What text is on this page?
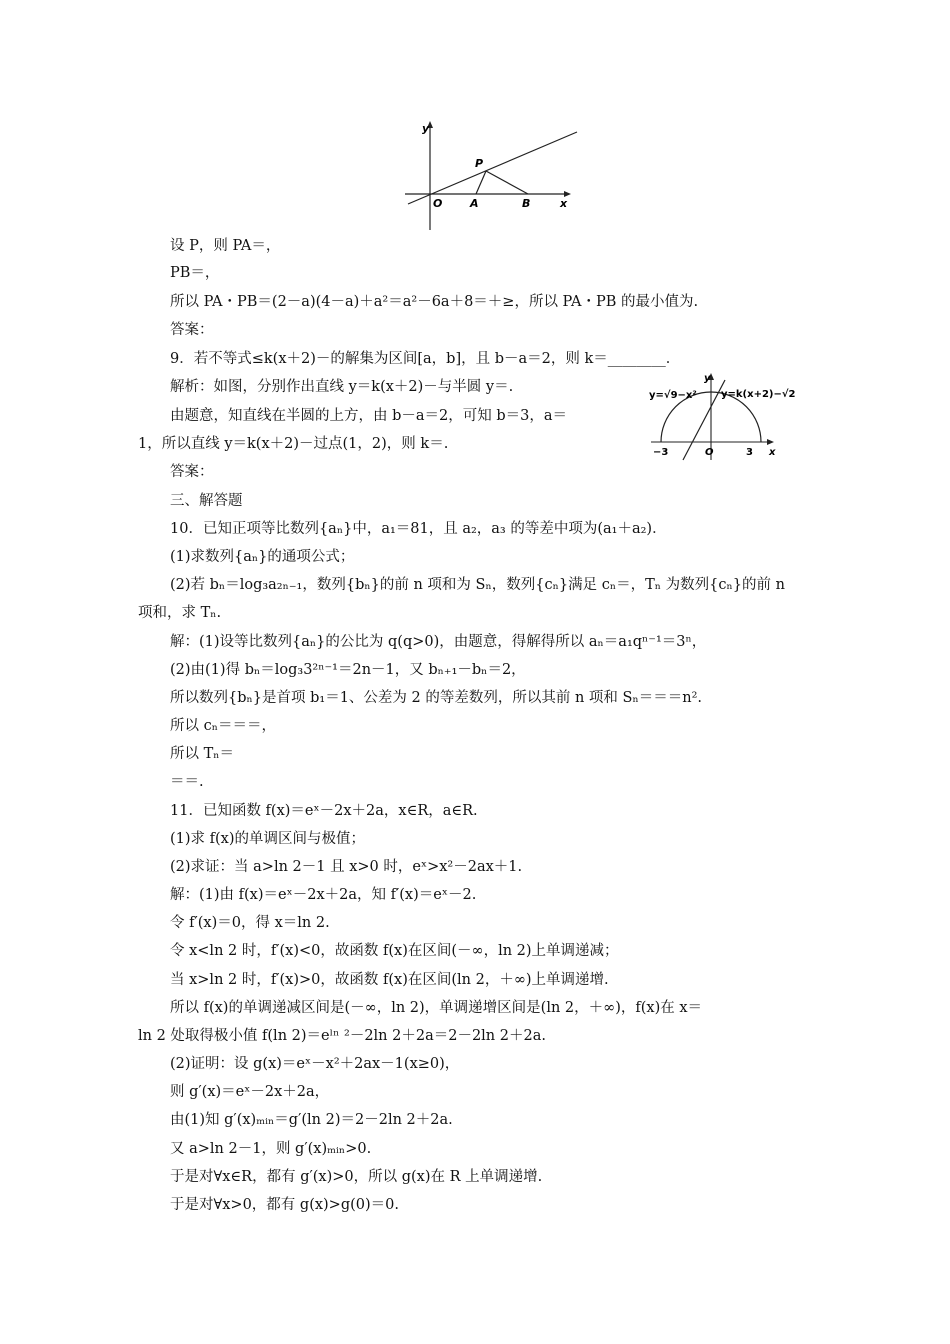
y
x
O	A	B
P
y
x
O
−3	3
y=√9−x² y=k(x+2)−√2
设 P，则 PA＝，
PB＝，
所以 PA・PB＝(2－a)(4－a)＋a²＝a²－6a＋8＝＋≥，所以 PA・PB 的最小值为.
答案：
9．若不等式≤k(x＋2)－的解集为区间[a，b]，且 b－a＝2，则 k＝________．
解析：如图，分别作出直线 y＝k(x＋2)－与半圆 y＝.
由题意，知直线在半圆的上方，由 b－a＝2，可知 b＝3，a＝
1，所以直线 y＝k(x＋2)－过点(1，2)，则 k＝.
答案：
三、解答题
10．已知正项等比数列{aₙ}中，a₁＝81，且 a₂，a₃ 的等差中项为(a₁＋a₂)．
(1)求数列{aₙ}的通项公式；
(2)若 bₙ＝log₃a₂ₙ₋₁，数列{bₙ}的前 n 项和为 Sₙ，数列{cₙ}满足 cₙ＝，Tₙ 为数列{cₙ}的前 n
项和，求 Tₙ.
解：(1)设等比数列{aₙ}的公比为 q(q>0)，由题意，得解得所以 aₙ＝a₁qⁿ⁻¹＝3ⁿ，
(2)由(1)得 bₙ＝log₃3²ⁿ⁻¹＝2n－1，又 bₙ₊₁－bₙ＝2，
所以数列{bₙ}是首项 b₁＝1、公差为 2 的等差数列，所以其前 n 项和 Sₙ＝＝＝n².
所以 cₙ＝＝＝，
所以 Tₙ＝
＝＝.
11．已知函数 f(x)＝eˣ－2x＋2a，x∈R，a∈R.
(1)求 f(x)的单调区间与极值；
(2)求证：当 a>ln 2－1 且 x>0 时，eˣ>x²－2ax＋1.
解：(1)由 f(x)＝eˣ－2x＋2a，知 f′(x)＝eˣ－2.
令 f′(x)＝0，得 x＝ln 2.
令 x<ln 2 时，f′(x)<0，故函数 f(x)在区间(－∞，ln 2)上单调递减；
当 x>ln 2 时，f′(x)>0，故函数 f(x)在区间(ln 2，＋∞)上单调递增.
所以 f(x)的单调递减区间是(－∞，ln 2)，单调递增区间是(ln 2，＋∞)，f(x)在 x＝
ln 2 处取得极小值 f(ln 2)＝eˡⁿ ²－2ln 2＋2a＝2－2ln 2＋2a.
(2)证明：设 g(x)＝eˣ－x²＋2ax－1(x≥0)，
则 g′(x)＝eˣ－2x＋2a，
由(1)知 g′(x)ₘᵢₙ＝g′(ln 2)＝2－2ln 2＋2a.
又 a>ln 2－1，则 g′(x)ₘᵢₙ>0.
于是对∀x∈R，都有 g′(x)>0，所以 g(x)在 R 上单调递增.
于是对∀x>0，都有 g(x)>g(0)＝0.
